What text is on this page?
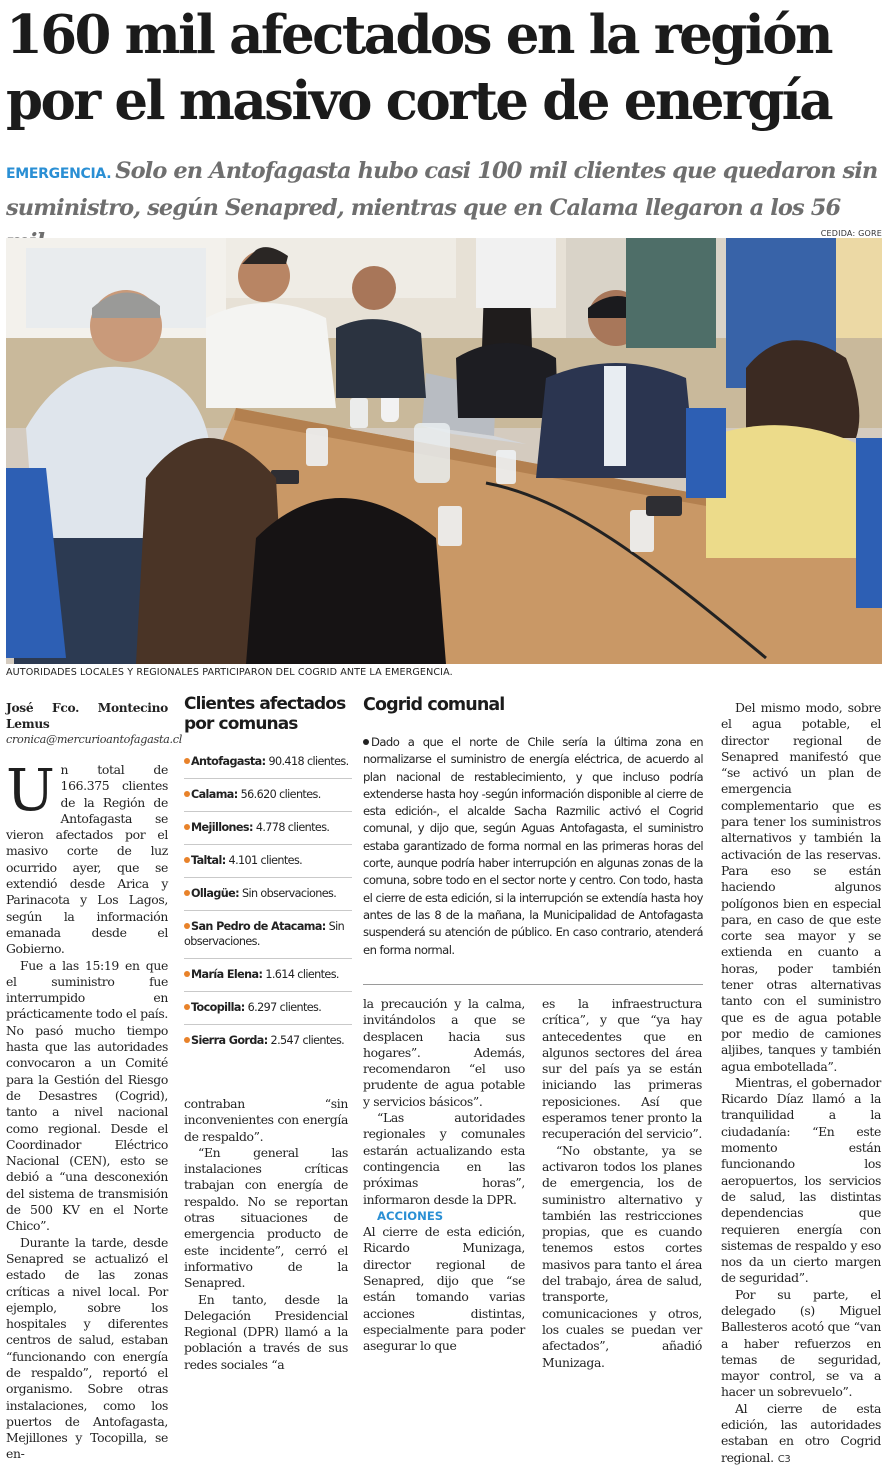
160 mil afectados en la región
por el masivo corte de energía
EMERGENCIA. Solo en Antofagasta hubo casi 100 mil clientes que quedaron sin suministro, según Senapred, mientras que en Calama llegaron a los 56
CEDIDA: GORE
AUTORIDADES LOCALES Y REGIONALES PARTICIPARON DEL COGRID ANTE LA EMERGENCIA.
José Fco. Montecino Lemus
cronica@mercurioantofagasta.cl

Un total de 166.375 clientes de la Región de Antofagasta se vieron afectados por el masivo corte de luz ocurrido ayer, que se extendió desde Arica y Parinacota y Los Lagos, según la información emanada desde el Gobierno.

Fue a las 15:19 en que el suministro fue interrumpido en prácticamente todo el país. No pasó mucho tiempo hasta que las autoridades convocaron a un Comité para la Gestión del Riesgo de Desastres (Cogrid), tanto a nivel nacional como regional. Desde el Coordinador Eléctrico Nacional (CEN), esto se debió a “una desconexión del sistema de transmisión de 500 KV en el Norte Chico”.

Durante la tarde, desde Senapred se actualizó el estado de las zonas críticas a nivel local. Por ejemplo, sobre los hospitales y diferentes centros de salud, estaban “funcionando con energía de respaldo”, reportó el organismo. Sobre otras instalaciones, como los puertos de Antofagasta, Mejillones y Tocopilla, se en-

Clientes afectados por comunas
Antofagasta: 90.418 clientes.
Calama: 56.620 clientes.
Mejillones: 4.778 clientes.
Taltal: 4.101 clientes.
Ollagüe: Sin observaciones.
San Pedro de Atacama: Sin observaciones.
María Elena: 1.614 clientes.
Tocopilla: 6.297 clientes.
Sierra Gorda: 2.547 clientes.

contraban “sin inconvenientes con energía de respaldo”.

“En general las instalaciones críticas trabajan con energía de respaldo. No se reportan otras situaciones de emergencia producto de este incidente”, cerró el informativo de la Senapred.

En tanto, desde la Delegación Presidencial Regional (DPR) llamó a la población a través de sus redes sociales “a

Cogrid comunal
Dado a que el norte de Chile sería la última zona en normalizarse el suministro de energía eléctrica, de acuerdo al plan nacional de restablecimiento, y que incluso podría extenderse hasta hoy -según información disponible al cierre de esta edición-, el alcalde Sacha Razmilic activó el Cogrid comunal, y dijo que, según Aguas Antofagasta, el suministro estaba garantizado de forma normal en las primeras horas del corte, aunque podría haber interrupción en algunas zonas de la comuna, sobre todo en el sector norte y centro. Con todo, hasta el cierre de esta edición, si la interrupción se extendía hasta hoy antes de las 8 de la mañana, la Municipalidad de Antofagasta suspenderá su atención de público. En caso contrario, atenderá en forma normal.

la precaución y la calma, invitándolos a que se desplacen hacia sus hogares”. Además, recomendaron “el uso prudente de agua potable y servicios básicos”.

“Las autoridades regionales y comunales estarán actualizando esta contingencia en las próximas horas”, informaron desde la DPR.

ACCIONES

Al cierre de esta edición, Ricardo Munizaga, director regional de Senapred, dijo que “se están tomando varias acciones distintas, especialmente para poder asegurar lo que

es la infraestructura crítica”, y que “ya hay antecedentes que en algunos sectores del área sur del país ya se están iniciando las primeras reposiciones. Así que esperamos tener pronto la recuperación del servicio”.

“No obstante, ya se activaron todos los planes de emergencia, los de suministro alternativo y también las restricciones propias, que es cuando tenemos estos cortes masivos para tanto el área del trabajo, área de salud, transporte, comunicaciones y otros, los cuales se puedan ver afectados”, añadió Munizaga.

Del mismo modo, sobre el agua potable, el director regional de Senapred manifestó que “se activó un plan de emergencia complementario que es para tener los suministros alternativos y también la activación de las reservas. Para eso se están haciendo algunos polígonos bien en especial para, en caso de que este corte sea mayor y se extienda en cuanto a horas, poder también tener otras alternativas tanto con el suministro que es de agua potable por medio de camiones aljibes, tanques y también agua embotellada”.

Mientras, el gobernador Ricardo Díaz llamó a la tranquilidad a la ciudadanía: “En este momento están funcionando los aeropuertos, los servicios de salud, las distintas dependencias que requieren energía con sistemas de respaldo y eso nos da un cierto margen de seguridad”.

Por su parte, el delegado (s) Miguel Ballesteros acotó que “van a haber refuerzos en temas de seguridad, mayor control, se va a hacer un sobrevuelo”.

Al cierre de esta edición, las autoridades estaban en otro Cogrid regional. C3
